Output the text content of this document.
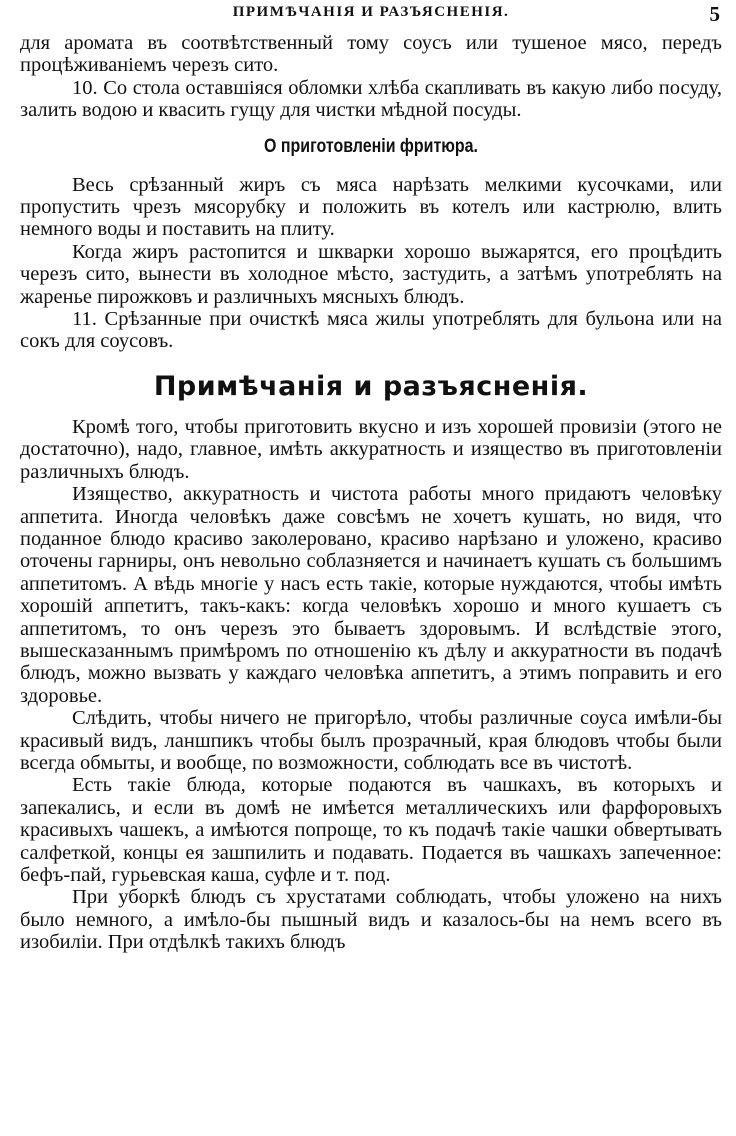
ПРИМѢЧАНІЯ И РАЗЪЯСНЕНІЯ.	5

для аромата въ соотвѣтственный тому соусъ или тушеное мясо, передъ процѣживаніемъ черезъ сито.

10. Со стола оставшіяся обломки хлѣба скапливать въ какую либо посуду, залить водою и квасить гущу для чистки мѣдной посуды.

О приготовленіи фритюра.

Весь срѣзанный жиръ съ мяса нарѣзать мелкими кусочками, или пропустить чрезъ мясорубку и положить въ котелъ или кастрюлю, влить немного воды и поставить на плиту.

Когда жиръ растопится и шкварки хорошо выжарятся, его процѣдить черезъ сито, вынести въ холодное мѣсто, застудить, а затѣмъ употреблять на жаренье пирожковъ и различныхъ мясныхъ блюдъ.

11. Срѣзанные при очисткѣ мяса жилы употреблять для бульона или на сокъ для соусовъ.

Примѣчанія и разъясненія.

Кромѣ того, чтобы приготовить вкусно и изъ хорошей провизіи (этого не достаточно), надо, главное, имѣть аккуратность и изящество въ приготовленіи различныхъ блюдъ.

Изящество, аккуратность и чистота работы много придаютъ человѣку аппетита. Иногда человѣкъ даже совсѣмъ не хочетъ кушать, но видя, что поданное блюдо красиво заколеровано, красиво нарѣзано и уложено, красиво оточены гарниры, онъ невольно соблазняется и начинаетъ кушать съ большимъ аппетитомъ. А вѣдь многіе у насъ есть такіе, которые нуждаются, чтобы имѣть хорошій аппетитъ, такъ-какъ: когда человѣкъ хорошо и много кушаетъ съ аппетитомъ, то онъ черезъ это бываетъ здоровымъ. И вслѣдствіе этого, вышесказаннымъ примѣромъ по отношенію къ дѣлу и аккуратности въ подачѣ блюдъ, можно вызвать у каждаго человѣка аппетитъ, а этимъ поправить и его здоровье.

Слѣдить, чтобы ничего не пригорѣло, чтобы различные соуса имѣли-бы красивый видъ, ланшпикъ чтобы былъ прозрачный, края блюдовъ чтобы были всегда обмыты, и вообще, по возможности, соблюдать все въ чистотѣ.

Есть такіе блюда, которые подаются въ чашкахъ, въ которыхъ и запекались, и если въ домѣ не имѣется металлическихъ или фарфоровыхъ красивыхъ чашекъ, а имѣются попроще, то къ подачѣ такіе чашки обвертывать салфеткой, концы ея зашпилить и подавать. Подается въ чашкахъ запеченное: бефъ-пай, гурьевская каша, суфле и т. под.

При уборкѣ блюдъ съ хрустатами соблюдать, чтобы уложено на нихъ было немного, а имѣло-бы пышный видъ и казалось-бы на немъ всего въ изобиліи. При отдѣлкѣ такихъ блюдъ
